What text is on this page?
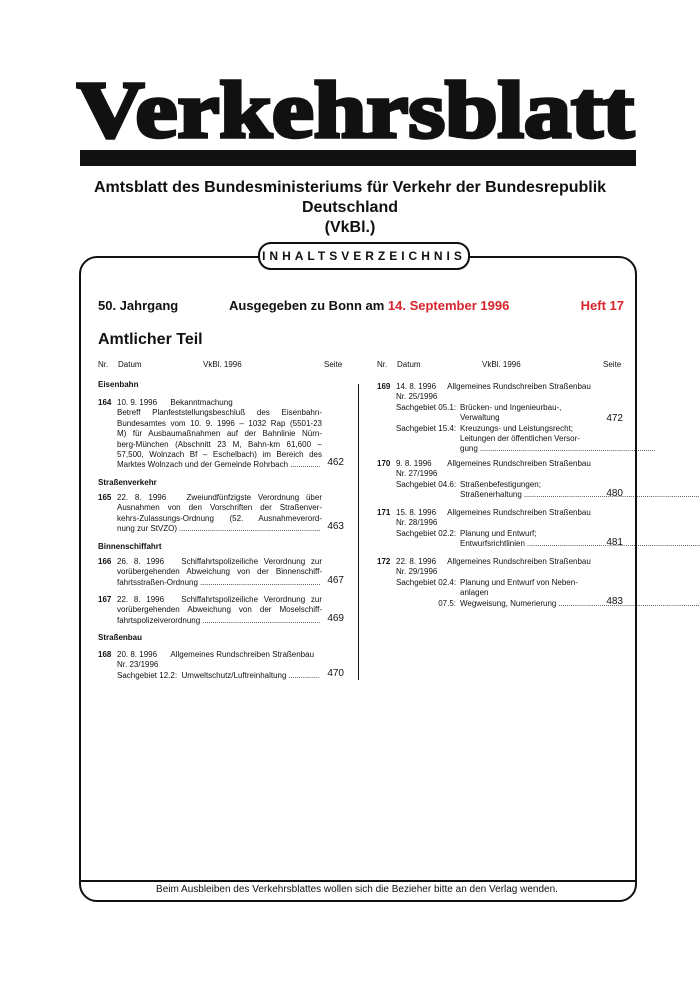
Verkehrsblatt
Amtsblatt des Bundesministeriums für Verkehr der Bundesrepublik Deutschland
(VkBl.)
INHALTSVERZEICHNIS
50. Jahrgang	Ausgegeben zu Bonn am 14. September 1996	Heft 17
Amtlicher Teil
Nr. Datum	VkBl. 1996	Seite	Nr. Datum	VkBl. 1996	Seite
Eisenbahn
164 10. 9. 1996 Bekanntmachung
Betreff Planfeststellungsbeschluß des Eisenbahn-
Bundesamtes vom 10. 9. 1996 – 1032 Rap (5501-23
M) für Ausbaumaßnahmen auf der Bahnlinie Nürn-
berg-München (Abschnitt 23 M, Bahn-km 61,600 –
57,500, Wolnzach Bf – Eschelbach) im Bereich des
Marktes Wolnzach und der Gemeinde Rohrbach . . .	462
Straßenverkehr
165 22. 8. 1996	Zweiundfünfzigste Verordnung über
Ausnahmen von den Vorschriften der Straßenver-
kehrs-Zulassungs-Ordnung (52. Ausnahmeverord-
nung zur StVZO) . . .	463
Binnenschiffahrt
166 26. 8. 1996 Schiffahrtspolizeiliche Verordnung zur
vorübergehenden Abweichung von der Binnenschiff-
fahrtsstraßen-Ordnung . . .	467
167 22. 8. 1996 Schiffahrtspolizeiliche Verordnung zur
vorübergehenden Abweichung von der Moselschiff-
fahrtspolizeiverordnung . . .	469
Straßenbau
168 20. 8. 1996 Allgemeines Rundschreiben Straßenbau
Nr. 23/1996
Sachgebiet 12.2:
Umweltschutz/Luftreinhaltung . . .	470
169 14. 8. 1996 Allgemeines Rundschreiben Straßenbau
Nr. 25/1996
Sachgebiet 05.1: Brücken- und Ingenieurbau-,
Verwaltung
Sachgebiet 15.4: Kreuzungs- und Leistungsrecht;
Leitungen der öffentlichen Versor-
gung
. . .
472
170 9. 8. 1996 Allgemeines Rundschreiben Straßenbau
Nr. 27/1996
Sachgebiet 04.6: Straßenbefestigungen;
Straßenerhaltung . . .	480
171 15. 8. 1996 Allgemeines Rundschreiben Straßenbau
Nr. 28/1996
Sachgebiet 02.2: Planung und Entwurf;
Entwurfsrichtlinien . . .	481
172 22. 8. 1996 Allgemeines Rundschreiben Straßenbau
Nr. 29/1996
Sachgebiet 02.4: Planung und Entwurf von Neben-
anlagen
07.5: Wegweisung, Numerierung . . .	483
Beim Ausbleiben des Verkehrsblattes wollen sich die Bezieher bitte an den Verlag wenden.
